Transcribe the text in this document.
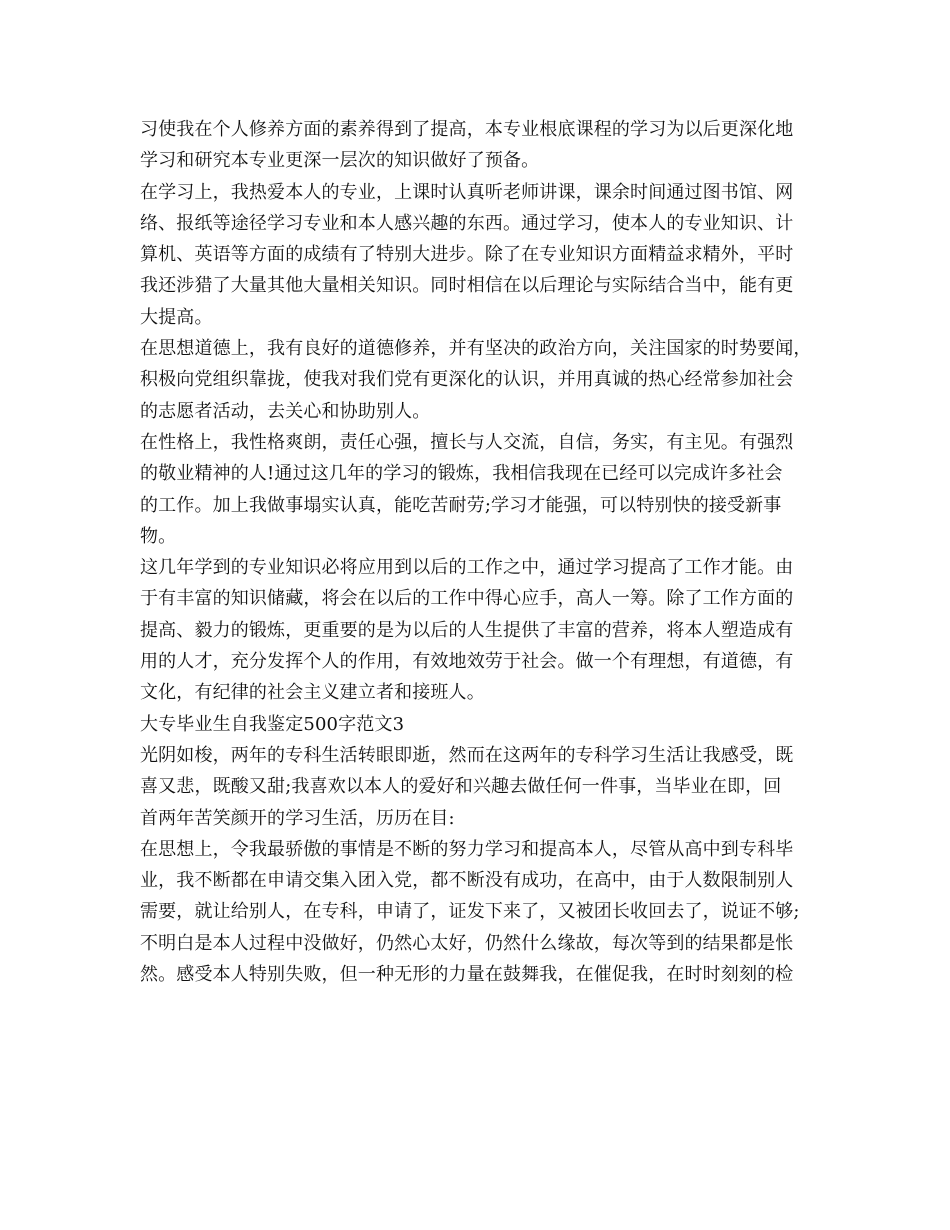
习使我在个人修养方面的素养得到了提高，本专业根底课程的学习为以后更深化地

学习和研究本专业更深一层次的知识做好了预备。

在学习上，我热爱本人的专业，上课时认真听老师讲课，课余时间通过图书馆、网

络、报纸等途径学习专业和本人感兴趣的东西。通过学习，使本人的专业知识、计

算机、英语等方面的成绩有了特别大进步。除了在专业知识方面精益求精外，平时

我还涉猎了大量其他大量相关知识。同时相信在以后理论与实际结合当中，能有更

大提高。

在思想道德上，我有良好的道德修养，并有坚决的政治方向，关注国家的时势要闻，

积极向党组织靠拢，使我对我们党有更深化的认识，并用真诚的热心经常参加社会

的志愿者活动，去关心和协助别人。

在性格上，我性格爽朗，责任心强，擅长与人交流，自信，务实，有主见。有强烈

的敬业精神的人!通过这几年的学习的锻炼，我相信我现在已经可以完成许多社会

的工作。加上我做事塌实认真，能吃苦耐劳;学习才能强，可以特别快的接受新事

物。

这几年学到的专业知识必将应用到以后的工作之中，通过学习提高了工作才能。由

于有丰富的知识储藏，将会在以后的工作中得心应手，高人一筹。除了工作方面的

提高、毅力的锻炼，更重要的是为以后的人生提供了丰富的营养，将本人塑造成有

用的人才，充分发挥个人的作用，有效地效劳于社会。做一个有理想，有道德，有

文化，有纪律的社会主义建立者和接班人。

大专毕业生自我鉴定500字范文3

光阴如梭，两年的专科生活转眼即逝，然而在这两年的专科学习生活让我感受，既

喜又悲，既酸又甜;我喜欢以本人的爱好和兴趣去做任何一件事，当毕业在即，回

首两年苦笑颜开的学习生活，历历在目:

在思想上，令我最骄傲的事情是不断的努力学习和提高本人，尽管从高中到专科毕

业，我不断都在申请交集入团入党，都不断没有成功，在高中，由于人数限制别人

需要，就让给别人，在专科，申请了，证发下来了，又被团长收回去了，说证不够;

不明白是本人过程中没做好，仍然心太好，仍然什么缘故，每次等到的结果都是怅

然。感受本人特别失败，但一种无形的力量在鼓舞我，在催促我，在时时刻刻的检
